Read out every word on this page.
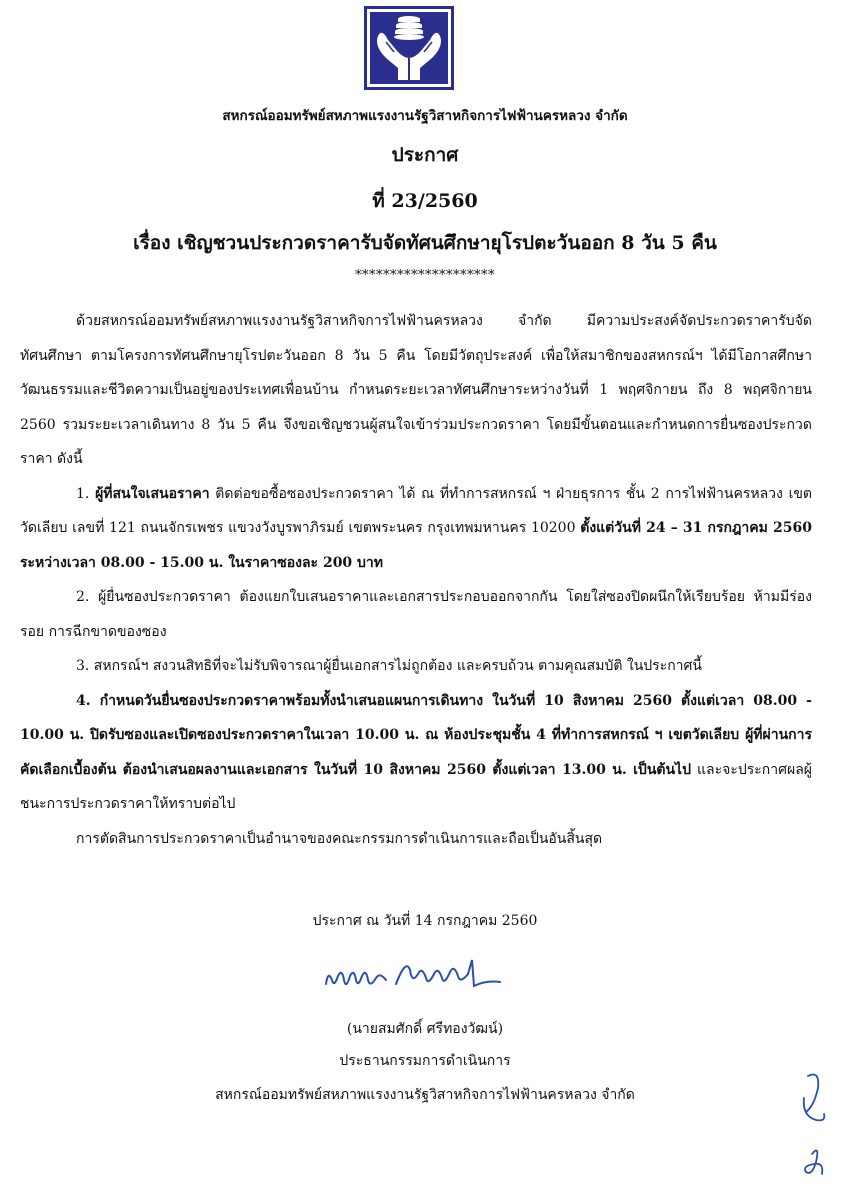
สหกรณ์ออมทรัพย์สหภาพแรงงานรัฐวิสาหกิจการไฟฟ้านครหลวง จำกัด
ประกาศ
ที่ 23/2560
เรื่อง เชิญชวนประกวดราคารับจัดทัศนศึกษายุโรปตะวันออก 8 วัน 5 คืน
********************

ด้วยสหกรณ์ออมทรัพย์สหภาพแรงงานรัฐวิสาหกิจการไฟฟ้านครหลวง จำกัด มีความประสงค์จัดประกวดราคารับจัดทัศนศึกษา ตามโครงการทัศนศึกษายุโรปตะวันออก 8 วัน 5 คืน โดยมีวัตถุประสงค์ เพื่อให้สมาชิกของสหกรณ์ฯ ได้มีโอกาสศึกษาวัฒนธรรมและชีวิตความเป็นอยู่ของประเทศเพื่อนบ้าน กำหนดระยะเวลาทัศนศึกษาระหว่างวันที่ 1 พฤศจิกายน ถึง 8 พฤศจิกายน 2560 รวมระยะเวลาเดินทาง 8 วัน 5 คืน จึงขอเชิญชวนผู้สนใจเข้าร่วมประกวดราคา โดยมีขั้นตอนและกำหนดการยื่นซองประกวดราคา ดังนี้

1. ผู้ที่สนใจเสนอราคา ติดต่อขอซื้อซองประกวดราคา ได้ ณ ที่ทำการสหกรณ์ ฯ ฝ่ายธุรการ ชั้น 2 การไฟฟ้านครหลวง เขตวัดเลียบ เลขที่ 121 ถนนจักรเพชร แขวงวังบูรพาภิรมย์ เขตพระนคร กรุงเทพมหานคร 10200 ตั้งแต่วันที่ 24 – 31 กรกฎาคม 2560 ระหว่างเวลา 08.00 - 15.00 น. ในราคาซองละ 200 บาท

2. ผู้ยื่นซองประกวดราคา ต้องแยกใบเสนอราคาและเอกสารประกอบออกจากกัน โดยใส่ซองปิดผนึกให้เรียบร้อย ห้ามมีร่องรอย การฉีกขาดของซอง

3. สหกรณ์ฯ สงวนสิทธิที่จะไม่รับพิจารณาผู้ยื่นเอกสารไม่ถูกต้อง และครบถ้วน ตามคุณสมบัติ ในประกาศนี้

4. กำหนดวันยื่นซองประกวดราคาพร้อมทั้งนำเสนอแผนการเดินทาง ในวันที่ 10 สิงหาคม 2560 ตั้งแต่เวลา 08.00 - 10.00 น. ปิดรับซองและเปิดซองประกวดราคาในเวลา 10.00 น. ณ ห้องประชุมชั้น 4 ที่ทำการสหกรณ์ ฯ เขตวัดเลียบ ผู้ที่ผ่านการคัดเลือกเบื้องต้น ต้องนำเสนอผลงานและเอกสาร ในวันที่ 10 สิงหาคม 2560 ตั้งแต่เวลา 13.00 น. เป็นต้นไป และจะประกาศผลผู้ชนะการประกวดราคาให้ทราบต่อไป

การตัดสินการประกวดราคาเป็นอำนาจของคณะกรรมการดำเนินการและถือเป็นอันสิ้นสุด

ประกาศ ณ วันที่ 14 กรกฎาคม 2560
(นายสมศักดิ์ ศรีทองวัฒน์)
ประธานกรรมการดำเนินการ
สหกรณ์ออมทรัพย์สหภาพแรงงานรัฐวิสาหกิจการไฟฟ้านครหลวง จำกัด
